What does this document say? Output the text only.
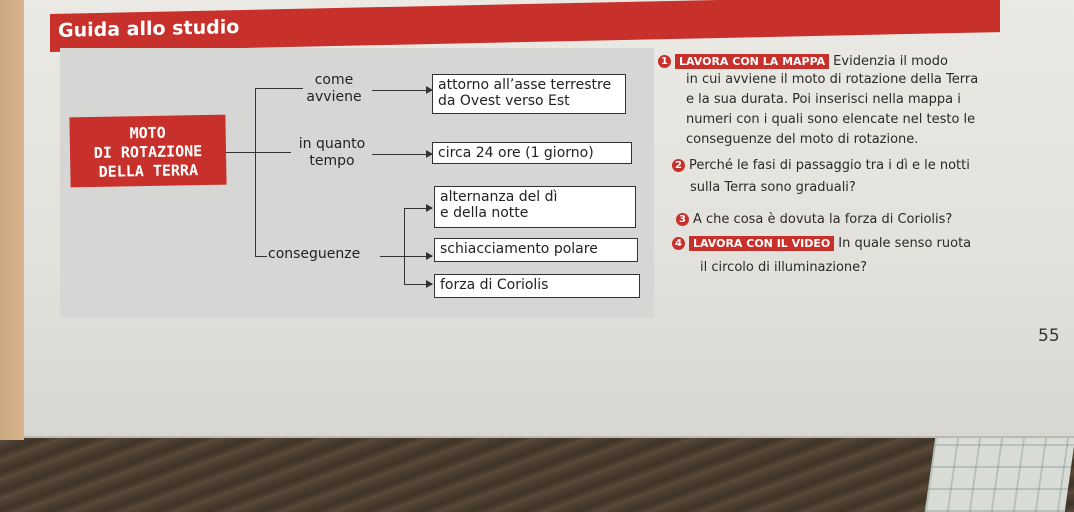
Guida allo studio
MOTO
DI ROTAZIONE
DELLA TERRA
come
avviene
in quanto
tempo
conseguenze
attorno all’asse terrestre
da Ovest verso Est
circa 24 ore (1 giorno)
alternanza del dì
e della notte
schiacciamento polare
forza di Coriolis
1 LAVORA CON LA MAPPA Evidenzia il modo
in cui avviene il moto di rotazione della Terra
e la sua durata. Poi inserisci nella mappa i
numeri con i quali sono elencate nel testo le
conseguenze del moto di rotazione.
2 Perché le fasi di passaggio tra i dì e le notti
sulla Terra sono graduali?
3 A che cosa è dovuta la forza di Coriolis?
4 LAVORA CON IL VIDEO In quale senso ruota
il circolo di illuminazione?
55
